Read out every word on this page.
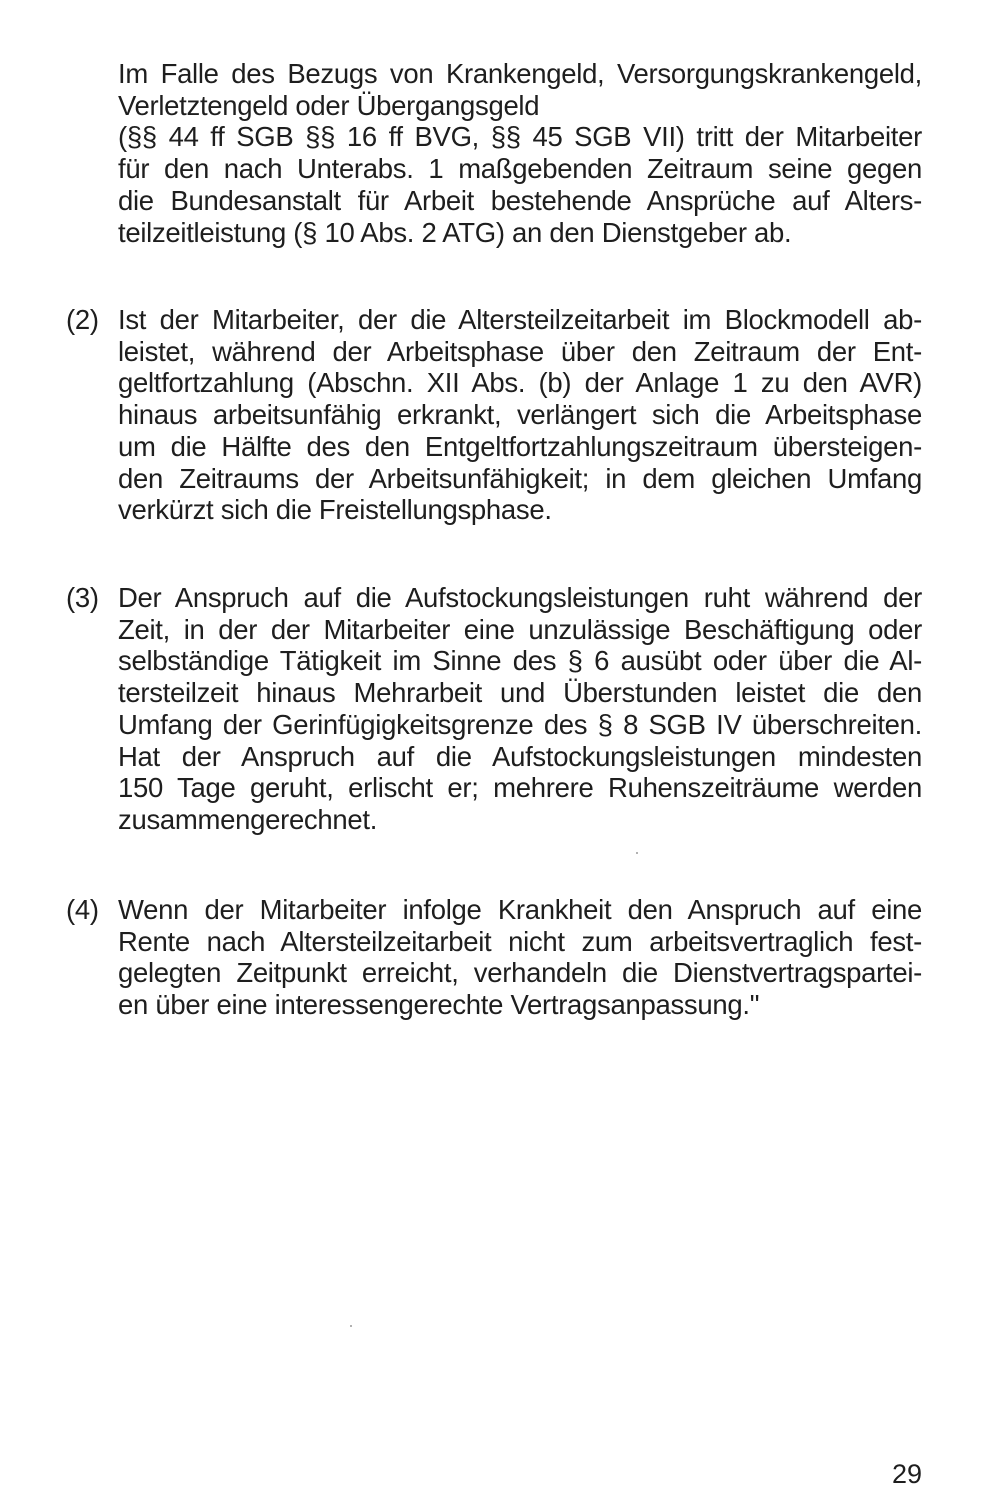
Im Falle des Bezugs von Krankengeld, Versorgungskrankengeld,
Verletztengeld oder Übergangsgeld
(§§ 44 ff SGB §§ 16 ff BVG, §§ 45 SGB VII) tritt der Mitarbeiter
für den nach Unterabs. 1 maßgebenden Zeitraum seine gegen
die Bundesanstalt für Arbeit bestehende Ansprüche auf Alters-
teilzeitleistung (§ 10 Abs. 2 ATG) an den Dienstgeber ab.
(2) Ist der Mitarbeiter, der die Altersteilzeitarbeit im Blockmodell ab-
leistet, während der Arbeitsphase über den Zeitraum der Ent-
geltfortzahlung (Abschn. XII Abs. (b) der Anlage 1 zu den AVR)
hinaus arbeitsunfähig erkrankt, verlängert sich die Arbeitsphase
um die Hälfte des den Entgeltfortzahlungszeitraum übersteigen-
den Zeitraums der Arbeitsunfähigkeit; in dem gleichen Umfang
verkürzt sich die Freistellungsphase.
(3) Der Anspruch auf die Aufstockungsleistungen ruht während der
Zeit, in der der Mitarbeiter eine unzulässige Beschäftigung oder
selbständige Tätigkeit im Sinne des § 6 ausübt oder über die Al-
tersteilzeit hinaus Mehrarbeit und Überstunden leistet die den
Umfang der Gerinfügigkeitsgrenze des § 8 SGB IV überschreiten.
Hat der Anspruch auf die Aufstockungsleistungen mindesten
150 Tage geruht, erlischt er; mehrere Ruhenszeiträume werden
zusammengerechnet.
(4) Wenn der Mitarbeiter infolge Krankheit den Anspruch auf eine
Rente nach Altersteilzeitarbeit nicht zum arbeitsvertraglich fest-
gelegten Zeitpunkt erreicht, verhandeln die Dienstvertragspartei-
en über eine interessengerechte Vertragsanpassung."
29
